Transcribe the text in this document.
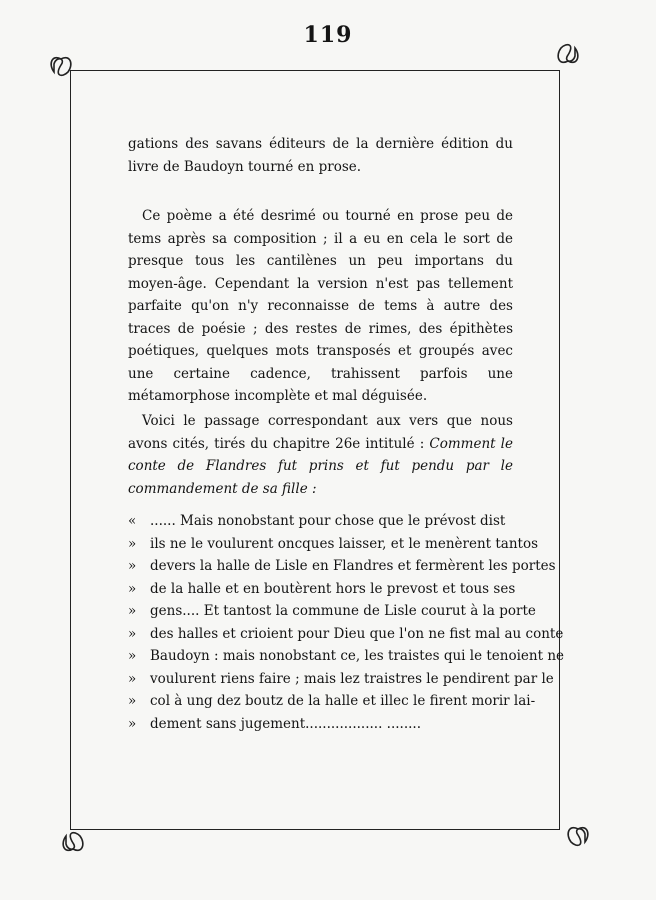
119
gations des savans éditeurs de la dernière édition du livre de Baudoyn tourné en prose.
Ce poème a été desrimé ou tourné en prose peu de tems après sa composition ; il a eu en cela le sort de presque tous les cantilènes un peu importans du moyen-âge. Cependant la version n'est pas tellement parfaite qu'on n'y reconnaisse de tems à autre des traces de poésie ; des restes de rimes, des épithètes poétiques, quelques mots transposés et groupés avec une certaine cadence, trahissent parfois une métamorphose incomplète et mal déguisée.
Voici le passage correspondant aux vers que nous avons cités, tirés du chapitre 26e intitulé : Comment le conte de Flandres fut prins et fut pendu par le commandement de sa fille :
«	...... Mais nonobstant pour chose que le prévost dist
»	ils ne le voulurent oncques laisser, et le menèrent tantos
»	devers la halle de Lisle en Flandres et fermèrent les portes
»	de la halle et en boutèrent hors le prevost et tous ses
»	gens.... Et tantost la commune de Lisle courut à la porte
»	des halles et crioient pour Dieu que l'on ne fist mal au conte
»	Baudoyn : mais nonobstant ce, les traistes qui le tenoient ne
»	voulurent riens faire ; mais lez traistres le pendirent par le
»	col à ung dez boutz de la halle et illec le firent morir lai-
»	dement sans jugement.................. ........
